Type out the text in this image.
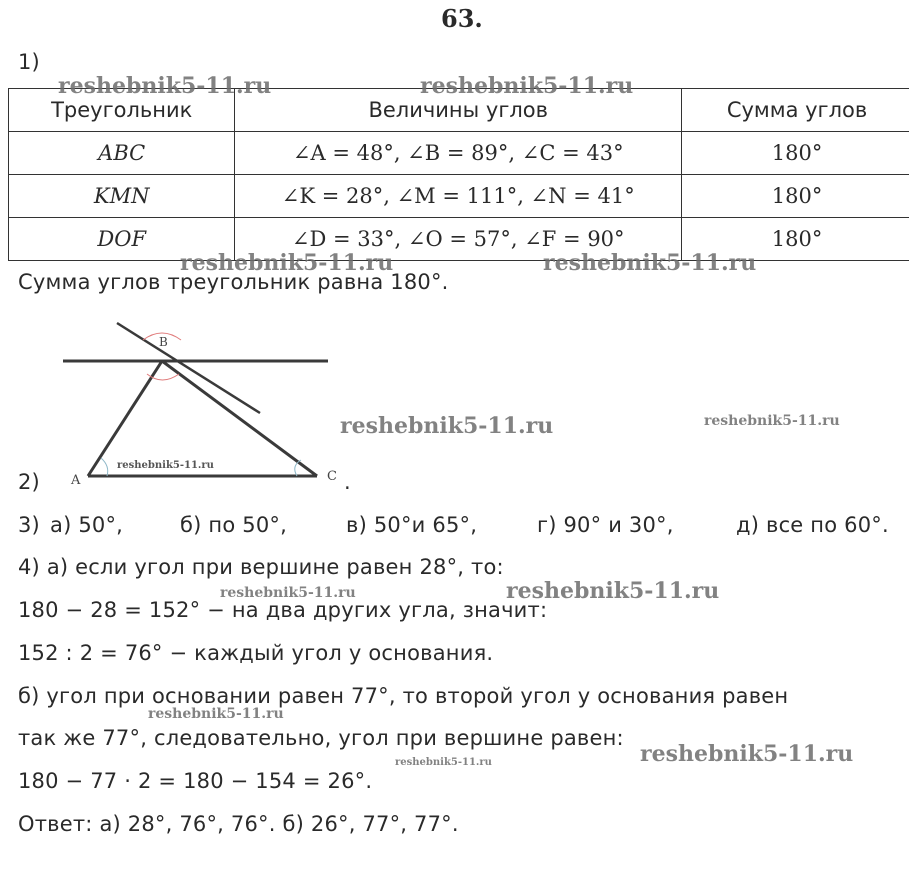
63.
1)
Треугольник	Величины углов	Сумма углов
ABC	∠A = 48°, ∠B = 89°, ∠C = 43°	180°
KMN	∠K = 28°, ∠M = 111°, ∠N = 41°	180°
DOF	∠D = 33°, ∠O = 57°, ∠F = 90°	180°
Сумма углов треугольник равна 180°.
B
A	C
reshebnik5-11.ru
2)	.
3) а) 50°,	б) по 50°,	в) 50°и 65°,	г) 90° и 30°,	д) все по 60°.
4) а) если угол при вершине равен 28°, то:
180 − 28 = 152° − на два других угла, значит:
152 : 2 = 76° − каждый угол у основания.
б) угол при основании равен 77°, то второй угол у основания равен
так же 77°, следовательно, угол при вершине равен:
180 − 77 · 2 = 180 − 154 = 26°.
Ответ: а) 28°, 76°, 76°. б) 26°, 77°, 77°.
reshebnik5-11.ru	reshebnik5-11.ru
reshebnik5-11.ru	reshebnik5-11.ru
reshebnik5-11.ru	reshebnik5-11.ru
reshebnik5-11.ru	reshebnik5-11.ru
reshebnik5-11.ru
reshebnik5-11.ru
reshebnik5-11.ru
